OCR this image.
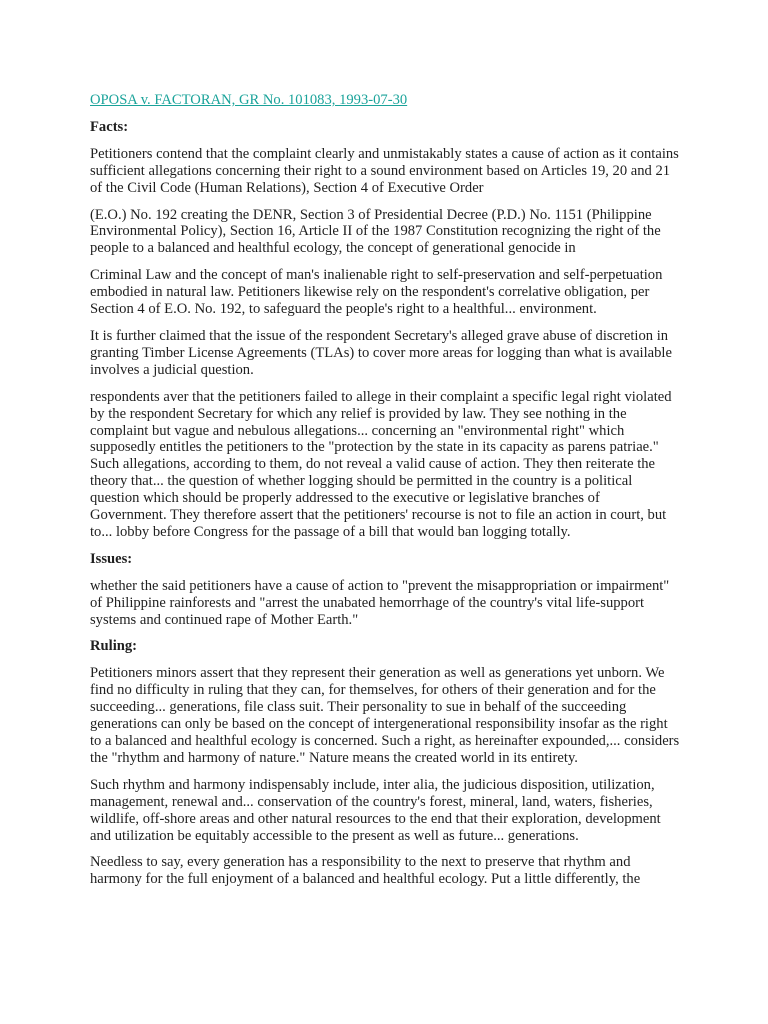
OPOSA v. FACTORAN, GR No. 101083, 1993-07-30
Facts:

Petitioners contend that the complaint clearly and unmistakably states a cause of action as it contains sufficient allegations concerning their right to a sound environment based on Articles 19, 20 and 21 of the Civil Code (Human Relations), Section 4 of Executive Order

(E.O.) No. 192 creating the DENR, Section 3 of Presidential Decree (P.D.) No. 1151 (Philippine Environmental Policy), Section 16, Article II of the 1987 Constitution recognizing the right of the people to a balanced and healthful ecology, the concept of generational genocide in

Criminal Law and the concept of man's inalienable right to self-preservation and self-perpetuation embodied in natural law. Petitioners likewise rely on the respondent's correlative obligation, per Section 4 of E.O. No. 192, to safeguard the people's right to a healthful... environment.

It is further claimed that the issue of the respondent Secretary's alleged grave abuse of discretion in granting Timber License Agreements (TLAs) to cover more areas for logging than what is available involves a judicial question.

respondents aver that the petitioners failed to allege in their complaint a specific legal right violated by the respondent Secretary for which any relief is provided by law. They see nothing in the complaint but vague and nebulous allegations... concerning an "environmental right" which supposedly entitles the petitioners to the "protection by the state in its capacity as parens patriae." Such allegations, according to them, do not reveal a valid cause of action. They then reiterate the theory that... the question of whether logging should be permitted in the country is a political question which should be properly addressed to the executive or legislative branches of Government. They therefore assert that the petitioners' recourse is not to file an action in court, but to... lobby before Congress for the passage of a bill that would ban logging totally.

Issues:

whether the said petitioners have a cause of action to "prevent the misappropriation or impairment" of Philippine rainforests and "arrest the unabated hemorrhage of the country's vital life-support systems and continued rape of Mother Earth."

Ruling:

Petitioners minors assert that they represent their generation as well as generations yet unborn. We find no difficulty in ruling that they can, for themselves, for others of their generation and for the succeeding... generations, file class suit. Their personality to sue in behalf of the succeeding generations can only be based on the concept of intergenerational responsibility insofar as the right to a balanced and healthful ecology is concerned. Such a right, as hereinafter expounded,... considers the "rhythm and harmony of nature." Nature means the created world in its entirety.

Such rhythm and harmony indispensably include, inter alia, the judicious disposition, utilization, management, renewal and... conservation of the country's forest, mineral, land, waters, fisheries, wildlife, off-shore areas and other natural resources to the end that their exploration, development and utilization be equitably accessible to the present as well as future... generations.

Needless to say, every generation has a responsibility to the next to preserve that rhythm and harmony for the full enjoyment of a balanced and healthful ecology. Put a little differently, the
